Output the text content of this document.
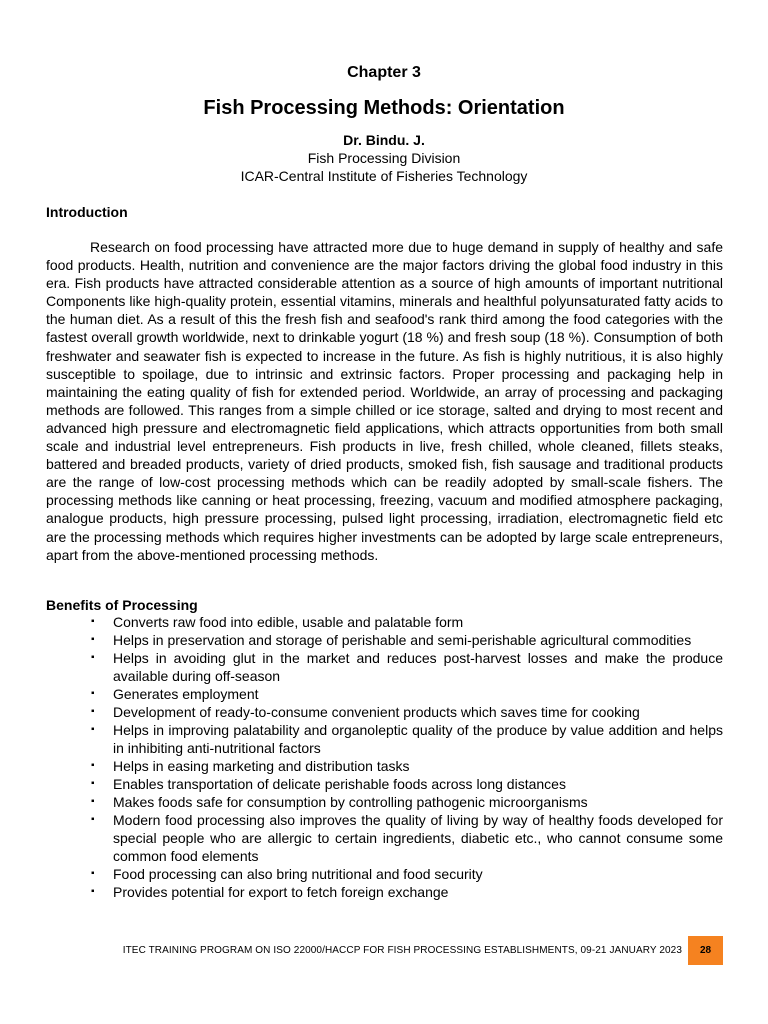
Chapter 3
Fish Processing Methods: Orientation
Dr. Bindu. J.
Fish Processing Division
ICAR-Central Institute of Fisheries Technology
Introduction

Research on food processing have attracted more due to huge demand in supply of healthy and safe food products. Health, nutrition and convenience are the major factors driving the global food industry in this era. Fish products have attracted considerable attention as a source of high amounts of important nutritional Components like high-quality protein, essential vitamins, minerals and healthful polyunsaturated fatty acids to the human diet. As a result of this the fresh fish and seafood's rank third among the food categories with the fastest overall growth worldwide, next to drinkable yogurt (18 %) and fresh soup (18 %). Consumption of both freshwater and seawater fish is expected to increase in the future. As fish is highly nutritious, it is also highly susceptible to spoilage, due to intrinsic and extrinsic factors. Proper processing and packaging help in maintaining the eating quality of fish for extended period. Worldwide, an array of processing and packaging methods are followed. This ranges from a simple chilled or ice storage, salted and drying to most recent and advanced high pressure and electromagnetic field applications, which attracts opportunities from both small scale and industrial level entrepreneurs. Fish products in live, fresh chilled, whole cleaned, fillets steaks, battered and breaded products, variety of dried products, smoked fish, fish sausage and traditional products are the range of low-cost processing methods which can be readily adopted by small-scale fishers. The processing methods like canning or heat processing, freezing, vacuum and modified atmosphere packaging, analogue products, high pressure processing, pulsed light processing, irradiation, electromagnetic field etc are the processing methods which requires higher investments can be adopted by large scale entrepreneurs, apart from the above-mentioned processing methods.

Benefits of Processing
▪ Converts raw food into edible, usable and palatable form
▪ Helps in preservation and storage of perishable and semi-perishable agricultural commodities
▪ Helps in avoiding glut in the market and reduces post-harvest losses and make the produce available during off-season
▪ Generates employment
▪ Development of ready-to-consume convenient products which saves time for cooking
▪ Helps in improving palatability and organoleptic quality of the produce by value addition and helps in inhibiting anti-nutritional factors
▪ Helps in easing marketing and distribution tasks
▪ Enables transportation of delicate perishable foods across long distances
▪ Makes foods safe for consumption by controlling pathogenic microorganisms
▪ Modern food processing also improves the quality of living by way of healthy foods developed for special people who are allergic to certain ingredients, diabetic etc., who cannot consume some common food elements
▪ Food processing can also bring nutritional and food security
▪ Provides potential for export to fetch foreign exchange
ITEC TRAINING PROGRAM ON ISO 22000/HACCP FOR FISH PROCESSING ESTABLISHMENTS, 09-21 JANUARY 2023	28
